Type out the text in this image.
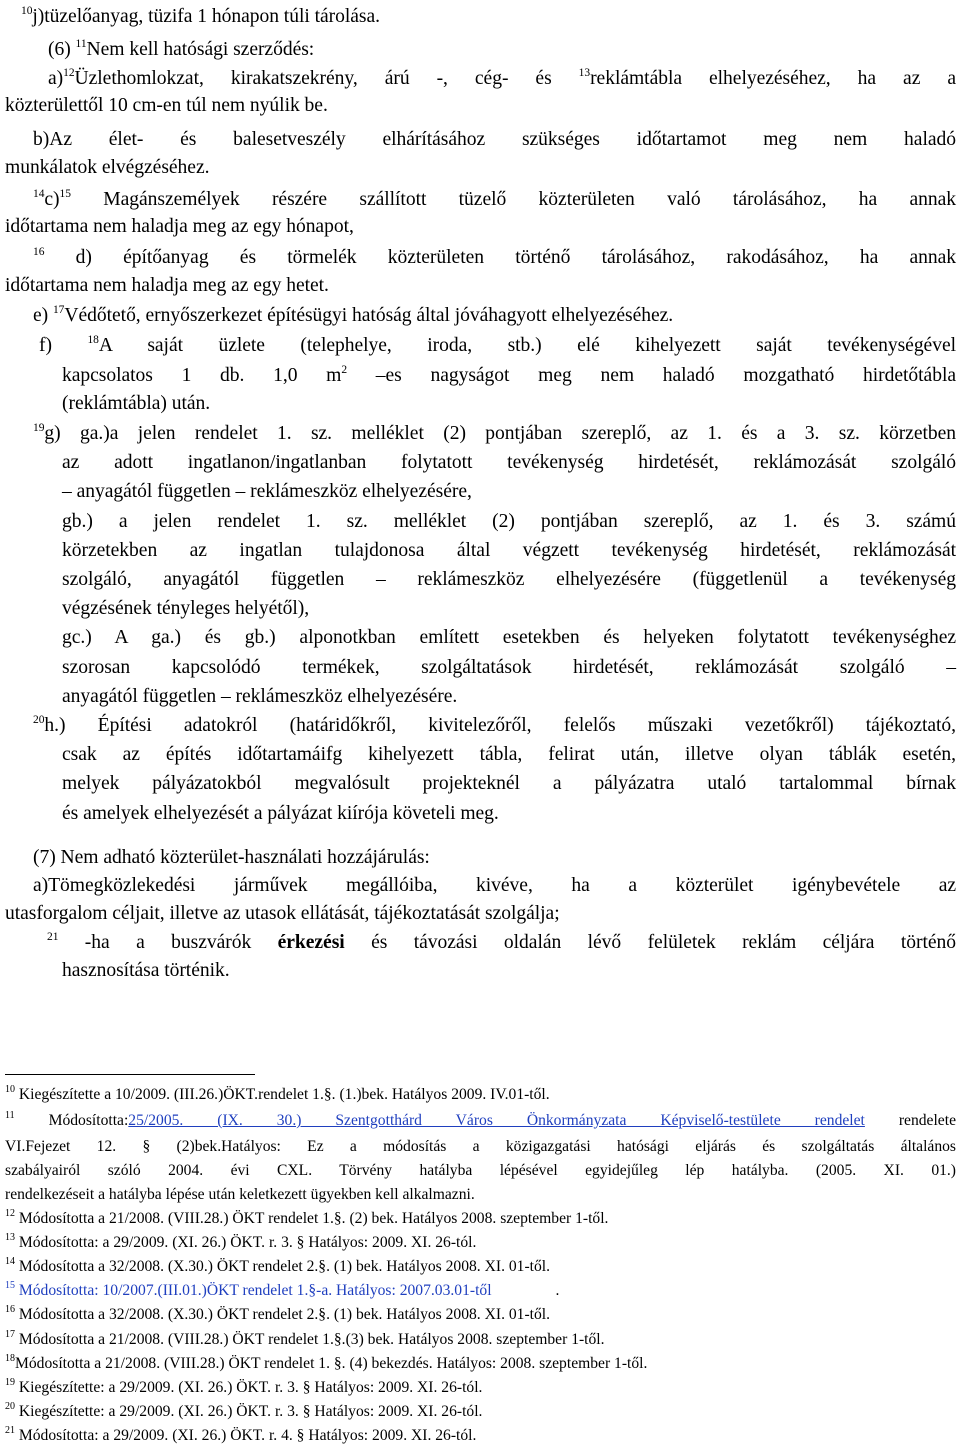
$^{10}$j)tüzelőanyag, tüzifa 1 hónapon túli tárolása.
(6) $^{11}$Nem kell hatósági szerződés:
a)$^{12}$Üzlethomlokzat, kirakatszekrény, árú -, cég- és $^{13}$reklámtábla elhelyezéséhez, ha az a
közterülettől 10 cm-en túl nem nyúlik be.
b)Az élet- és balesetveszély elhárításához szükséges időtartamot meg nem haladó
munkálatok elvégzéséhez.
$^{14}$c)$^{15}$ Magánszemélyek részére szállított tüzelő közterületen való tárolásához, ha annak
időtartama nem haladja meg az egy hónapot,
$^{16}$ d) építőanyag és törmelék közterületen történő tárolásához, rakodásához, ha annak
időtartama nem haladja meg az egy hetet.
e) $^{17}$Védőtető, ernyőszerkezet építésügyi hatóság által jóváhagyott elhelyezéséhez.
f) $^{18}$A saját üzlete (telephelye, iroda, stb.) elé kihelyezett saját tevékenységével
kapcsolatos 1 db. 1,0 $m^2$ –es nagyságot meg nem haladó mozgatható hirdetőtábla
(reklámtábla) után.
$^{19}$g) ga.)a jelen rendelet 1. sz. melléklet (2) pontjában szereplő, az 1. és a 3. sz. körzetben
az adott ingatlanon/ingatlanban folytatott tevékenység hirdetését, reklámozását szolgáló
– anyagától független – reklámeszköz elhelyezésére,
gb.) a jelen rendelet 1. sz. melléklet (2) pontjában szereplő, az 1. és 3. számú
körzetekben az ingatlan tulajdonosa által végzett tevékenység hirdetését, reklámozását
szolgáló, anyagától független – reklámeszköz elhelyezésére (függetlenül a tevékenység
végzésének tényleges helyétől),
gc.) A ga.) és gb.) alponotkban említett esetekben és helyeken folytatott tevékenységhez
szorosan kapcsolódó termékek, szolgáltatások hirdetését, reklámozását szolgáló –
anyagától független – reklámeszköz elhelyezésére.
$^{20}$h.) Építési adatokról (határidőkről, kivitelezőről, felelős műszaki vezetőkről) tájékoztató,
csak az építés időtartamáifg kihelyezett tábla, felirat után, illetve olyan táblák esetén,
melyek pályázatokból megvalósult projekteknél a pályázatra utaló tartalommal bírnak
és amelyek elhelyezését a pályázat kiírója követeli meg.
(7) Nem adható közterület-használati hozzájárulás:
a)Tömegközlekedési járművek megállóiba, kivéve, ha a közterület igénybevétele az
utasforgalom céljait, illetve az utasok ellátását, tájékoztatását szolgálja;
$^{21}$ -ha a buszvárók érkezési és távozási oldalán lévő felületek reklám céljára történő
hasznosítása történik.
$^{10}$ Kiegészítette a 10/2009. (III.26.)ÖKT.rendelet 1.§. (1.)bek. Hatályos 2009. IV.01-től.
$^{11}$ Módosította:25/2005. (IX. 30.) Szentgotthárd Város Önkormányzata Képviselő-testülete rendelet rendelete
VI.Fejezet 12. § (2)bek.Hatályos: Ez a módosítás a közigazgatási hatósági eljárás és szolgáltatás általános
szabályairól szóló 2004. évi CXL. Törvény hatályba lépésével egyidejűleg lép hatályba. (2005. XI. 01.)
rendelkezéseit a hatályba lépése után keletkezett ügyekben kell alkalmazni.
$^{12}$ Módosította a 21/2008. (VIII.28.) ÖKT rendelet 1.§. (2) bek. Hatályos 2008. szeptember 1-től.
$^{13}$ Módosította: a 29/2009. (XI. 26.) ÖKT. r. 3. § Hatályos: 2009. XI. 26-tól.
$^{14}$ Módosította a 32/2008. (X.30.) ÖKT rendelet 2.§. (1) bek. Hatályos 2008. XI. 01-től.
$^{15}$ Módosította: 10/2007.(III.01.)ÖKT rendelet 1.§-a. Hatályos: 2007.03.01-től	.
$^{16}$ Módosította a 32/2008. (X.30.) ÖKT rendelet 2.§. (1) bek. Hatályos 2008. XI. 01-től.
$^{17}$ Módosította a 21/2008. (VIII.28.) ÖKT rendelet 1.§.(3) bek. Hatályos 2008. szeptember 1-től.
$^{18}$Módosította a 21/2008. (VIII.28.) ÖKT rendelet 1. §. (4) bekezdés. Hatályos: 2008. szeptember 1-től.
$^{19}$ Kiegészítette: a 29/2009. (XI. 26.) ÖKT. r. 3. § Hatályos: 2009. XI. 26-tól.
$^{20}$ Kiegészítette: a 29/2009. (XI. 26.) ÖKT. r. 3. § Hatályos: 2009. XI. 26-tól.
$^{21}$ Módosította: a 29/2009. (XI. 26.) ÖKT. r. 4. § Hatályos: 2009. XI. 26-tól.
